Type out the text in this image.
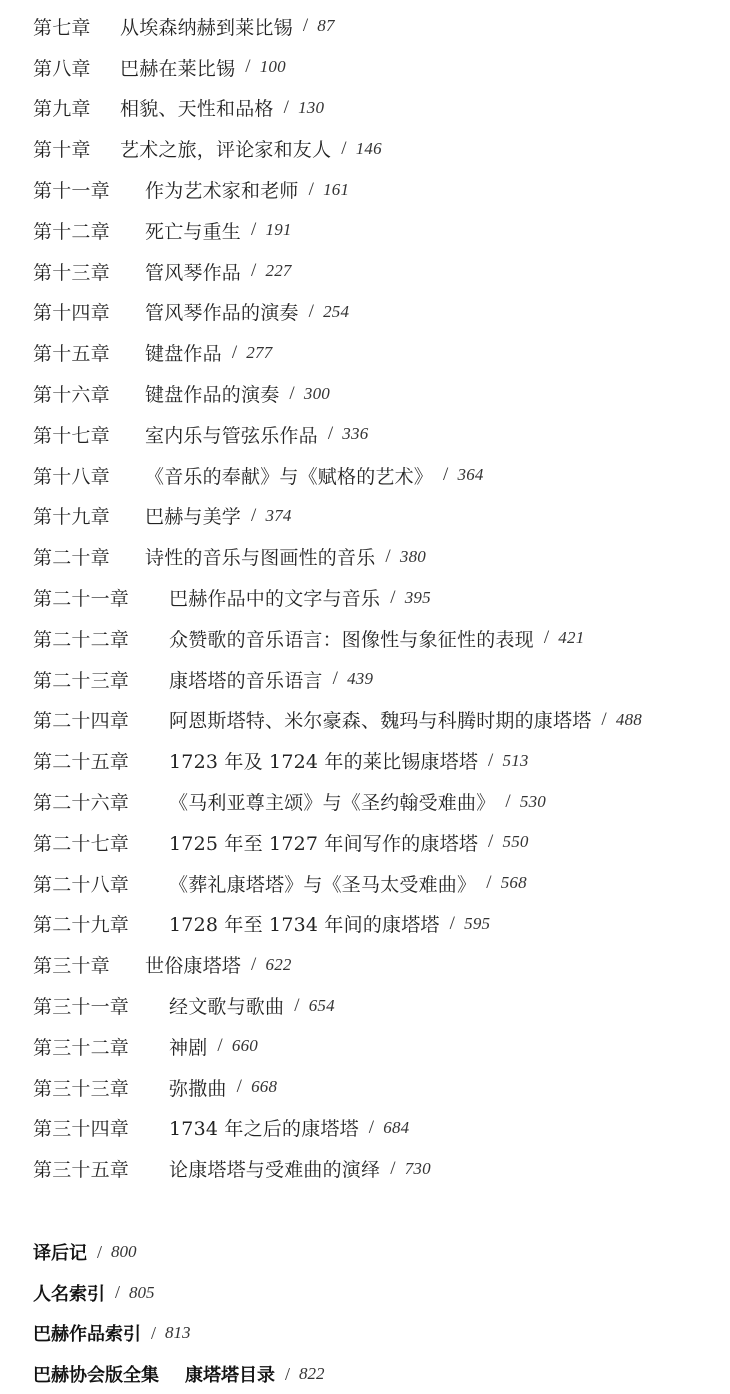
第七章	从埃森纳赫到莱比锡 / 87
第八章	巴赫在莱比锡 / 100
第九章	相貌、天性和品格 / 130
第十章	艺术之旅，评论家和友人 / 146
第十一章	作为艺术家和老师 / 161
第十二章	死亡与重生 / 191
第十三章	管风琴作品 / 227
第十四章	管风琴作品的演奏 / 254
第十五章	键盘作品 / 277
第十六章	键盘作品的演奏 / 300
第十七章	室内乐与管弦乐作品 / 336
第十八章	《音乐的奉献》与《赋格的艺术》 / 364
第十九章	巴赫与美学 / 374
第二十章	诗性的音乐与图画性的音乐 / 380
第二十一章	巴赫作品中的文字与音乐 / 395
第二十二章	众赞歌的音乐语言：图像性与象征性的表现 / 421
第二十三章	康塔塔的音乐语言 / 439
第二十四章	阿恩斯塔特、米尔豪森、魏玛与科腾时期的康塔塔 / 488
第二十五章	1723 年及 1724 年的莱比锡康塔塔 / 513
第二十六章	《马利亚尊主颂》与《圣约翰受难曲》 / 530
第二十七章	1725 年至 1727 年间写作的康塔塔 / 550
第二十八章	《葬礼康塔塔》与《圣马太受难曲》 / 568
第二十九章	1728 年至 1734 年间的康塔塔 / 595
第三十章	世俗康塔塔 / 622
第三十一章	经文歌与歌曲 / 654
第三十二章	神剧 / 660
第三十三章	弥撒曲 / 668
第三十四章	1734 年之后的康塔塔 / 684
第三十五章	论康塔塔与受难曲的演绎 / 730
译后记 / 800
人名索引 / 805
巴赫作品索引 / 813
巴赫协会版全集 康塔塔目录 / 822
